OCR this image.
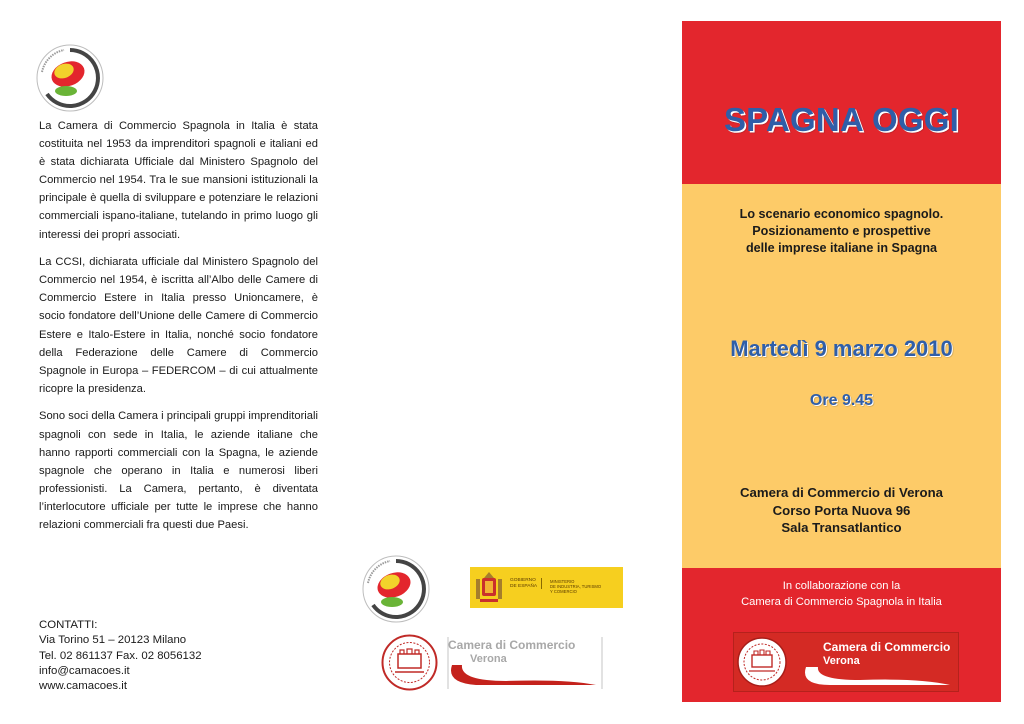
La Camera di Commercio Spagnola in Italia è stata costituita nel 1953 da imprenditori spagnoli e italiani ed è stata dichiarata Ufficiale dal Ministero Spagnolo del Commercio nel 1954. Tra le sue mansioni istituzionali la principale è quella di sviluppare e potenziare le relazioni commerciali ispano-italiane, tutelando in primo luogo gli interessi dei propri associati.

La CCSI, dichiarata ufficiale dal Ministero Spagnolo del Commercio nel 1954, è iscritta all’Albo delle Camere di Commercio Estere in Italia presso Unioncamere, è socio fondatore dell’Unione delle Camere di Commercio Estere e Italo-Estere in Italia, nonché socio fondatore della Federazione delle Camere di Commercio Spagnole in Europa – FEDERCOM – di cui attualmente ricopre la presidenza.

Sono soci della Camera i principali gruppi imprenditoriali spagnoli con sede in Italia, le aziende italiane che hanno rapporti commerciali con la Spagna, le aziende spagnole che operano in Italia e numerosi liberi professionisti. La Camera, pertanto, è diventata l’interlocutore ufficiale per tutte le imprese che hanno relazioni commerciali fra questi due Paesi.

CONTATTI:
Via Torino 51 – 20123 Milano
Tel. 02 861137 Fax. 02 8056132
info@camacoes.it
www.camacoes.it
GOBIERNO
DE ESPAÑA
MINISTERIO
DE INDUSTRIA, TURISMO
Y COMERCIO
Camera di Commercio
Verona
SPAGNA OGGI
Lo scenario economico spagnolo.
Posizionamento e prospettive
delle imprese italiane in Spagna
Martedì 9 marzo 2010
Ore 9.45
Camera di Commercio di Verona
Corso Porta Nuova 96
Sala Transatlantico
In collaborazione con la
Camera di Commercio Spagnola in Italia
Camera di Commercio
Verona
